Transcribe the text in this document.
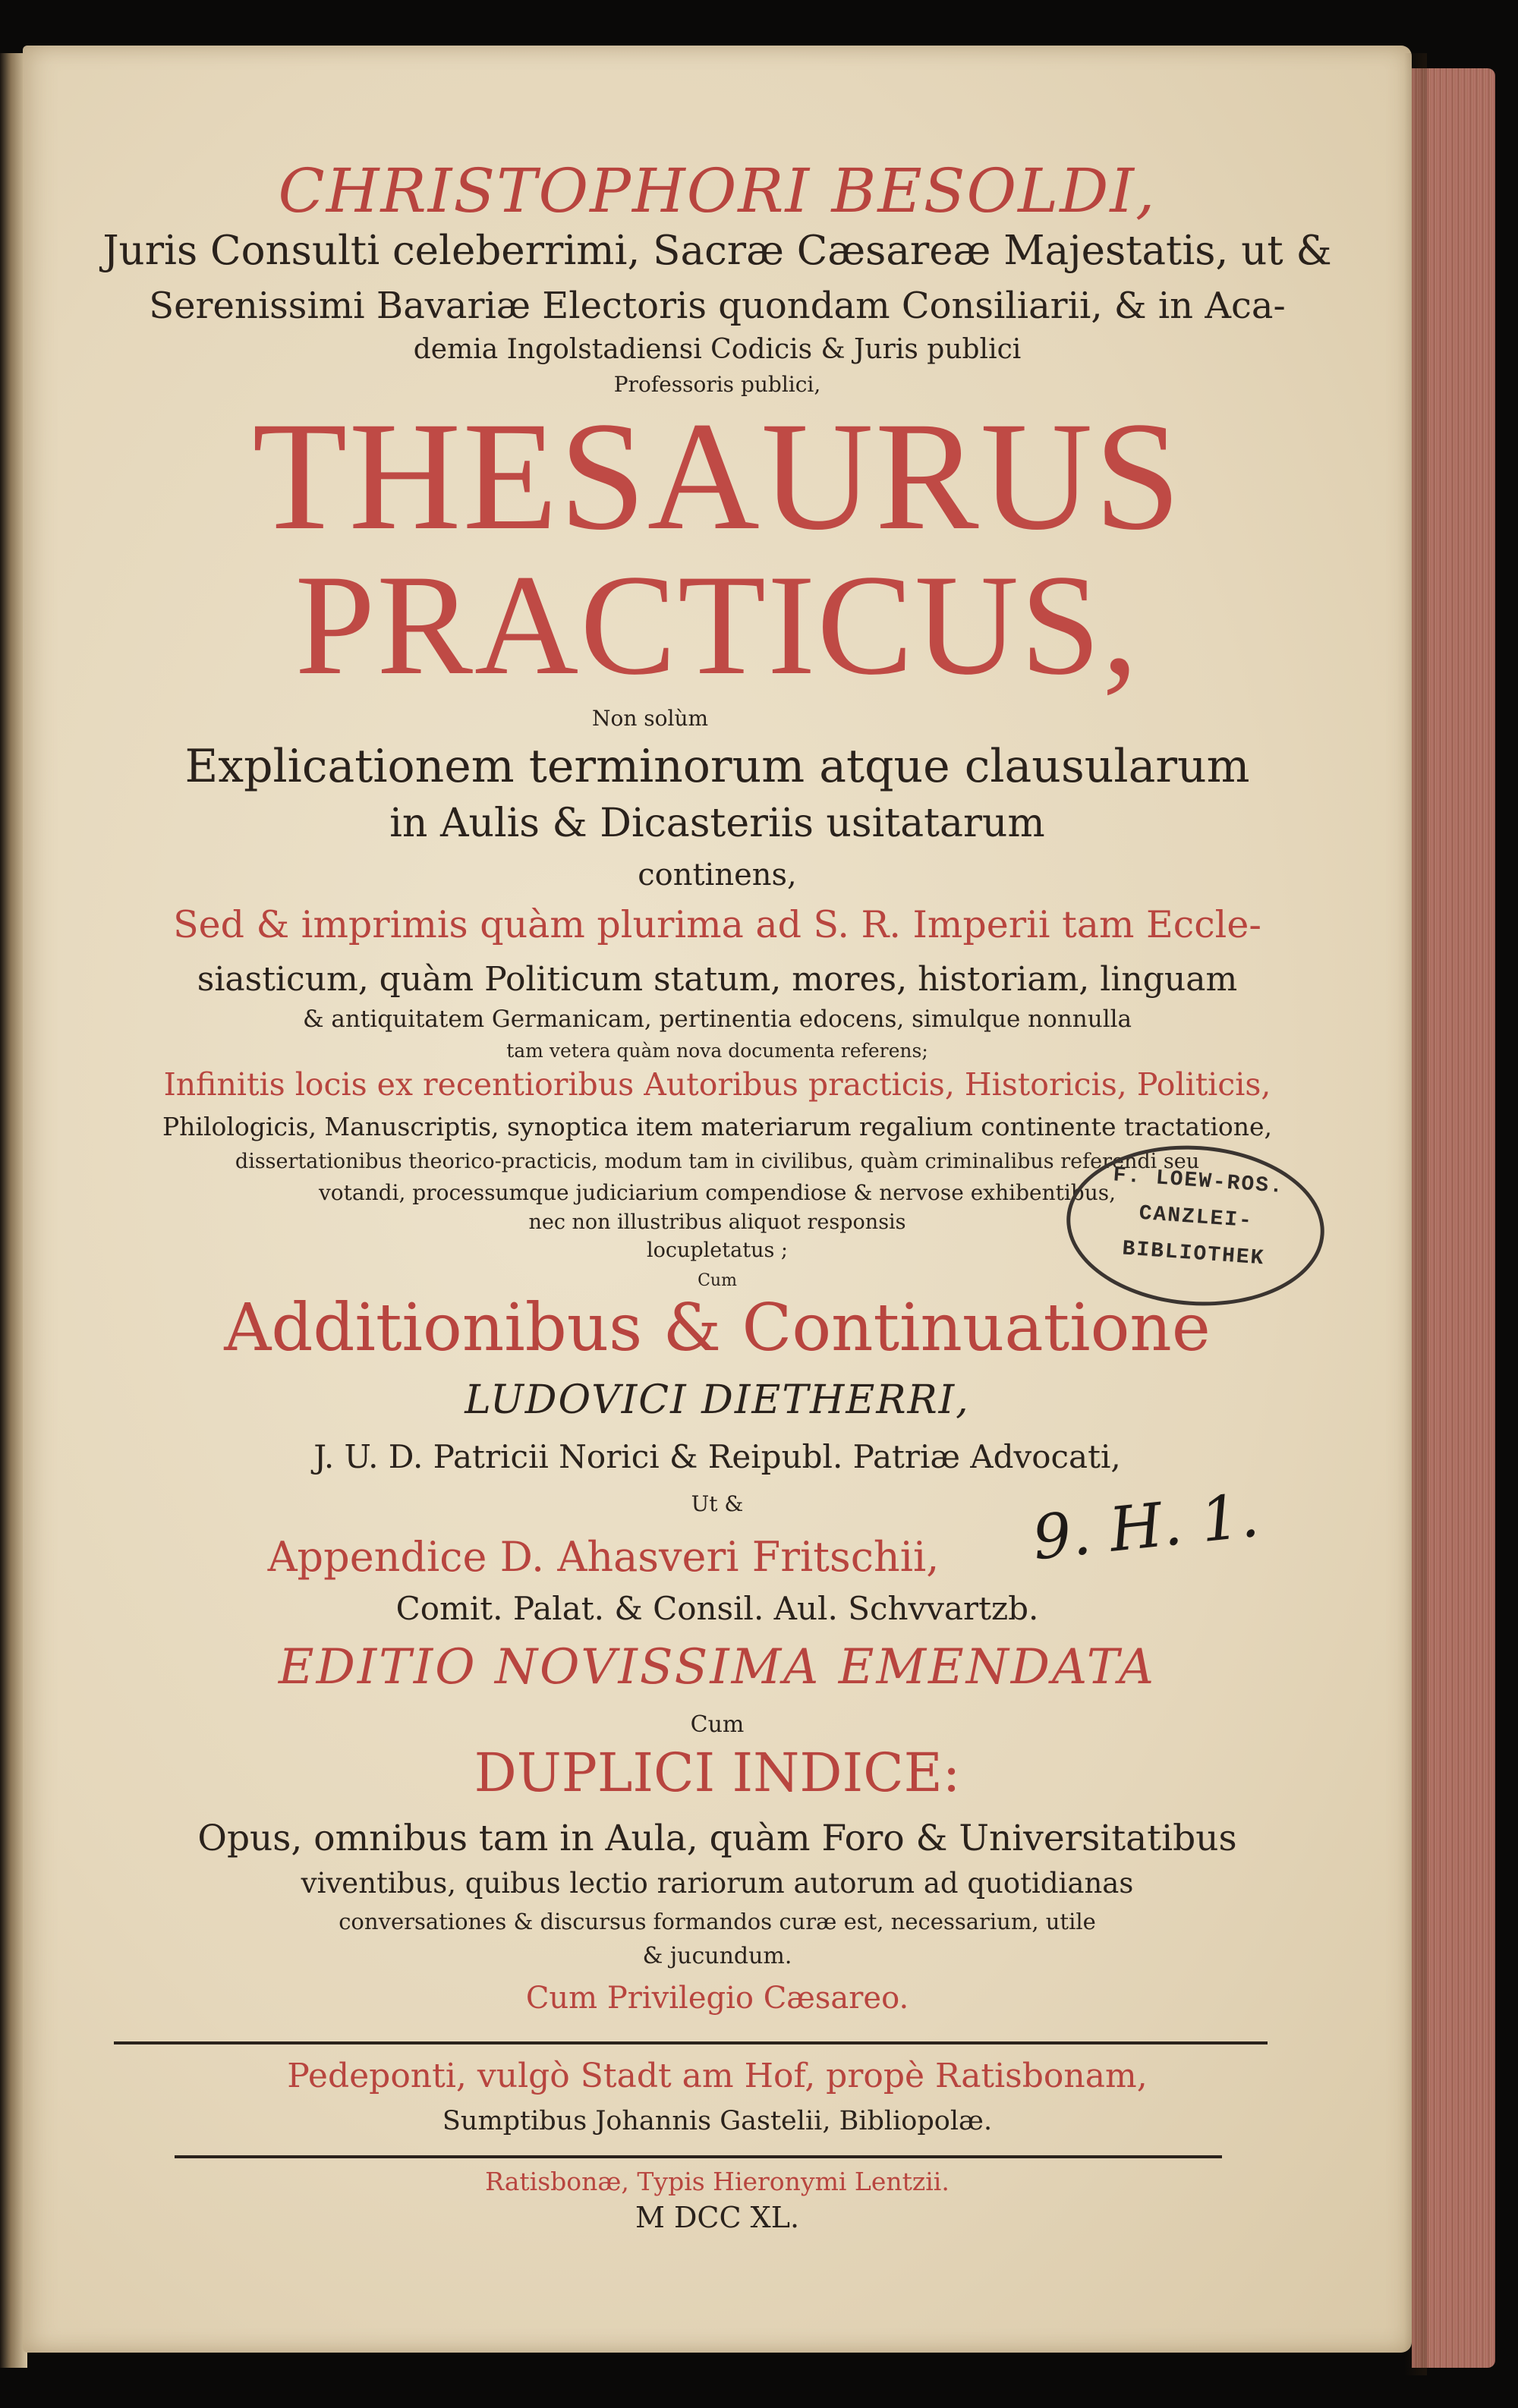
CHRISTOPHORI BESOLDI,
Juris Consulti celeberrimi, Sacræ Cæsareæ Majestatis, ut &
Serenissimi Bavariæ Electoris quondam Consiliarii, & in Aca-
demia Ingolstadiensi Codicis & Juris publici
Professoris publici,
THESAURUS
PRACTICUS,
Non solùm
Explicationem terminorum atque clausularum
in Aulis & Dicasteriis usitatarum
continens,
Sed & imprimis quàm plurima ad S. R. Imperii tam Eccle-
siasticum, quàm Politicum statum, mores, historiam, linguam
& antiquitatem Germanicam, pertinentia edocens, simulque nonnulla
tam vetera quàm nova documenta referens;
Infinitis locis ex recentioribus Autoribus practicis, Historicis, Politicis,
Philologicis, Manuscriptis, synoptica item materiarum regalium continente tractatione,
dissertationibus theorico-practicis, modum tam in civilibus, quàm criminalibus referendi seu
votandi, processumque judiciarium compendiose & nervose exhibentibus,
nec non illustribus aliquot responsis
locupletatus ;
Cum
Additionibus & Continuatione
LUDOVICI DIETHERRI,
J. U. D. Patricii Norici & Reipubl. Patriæ Advocati,
Ut &
Appendice D. Ahasveri Fritschii,
Comit. Palat. & Consil. Aul. Schvvartzb.
EDITIO NOVISSIMA EMENDATA
Cum
DUPLICI INDICE:
Opus, omnibus tam in Aula, quàm Foro & Universitatibus
viventibus, quibus lectio rariorum autorum ad quotidianas
conversationes & discursus formandos curæ est, necessarium, utile
& jucundum.
Cum Privilegio Cæsareo.
Pedeponti, vulgò Stadt am Hof, propè Ratisbonam,
Sumptibus Johannis Gastelii, Bibliopolæ.
Ratisbonæ, Typis Hieronymi Lentzii.
M DCC XL.
F. LOEW-ROS.
CANZLEI-
BIBLIOTHEK
9. H. 1.
